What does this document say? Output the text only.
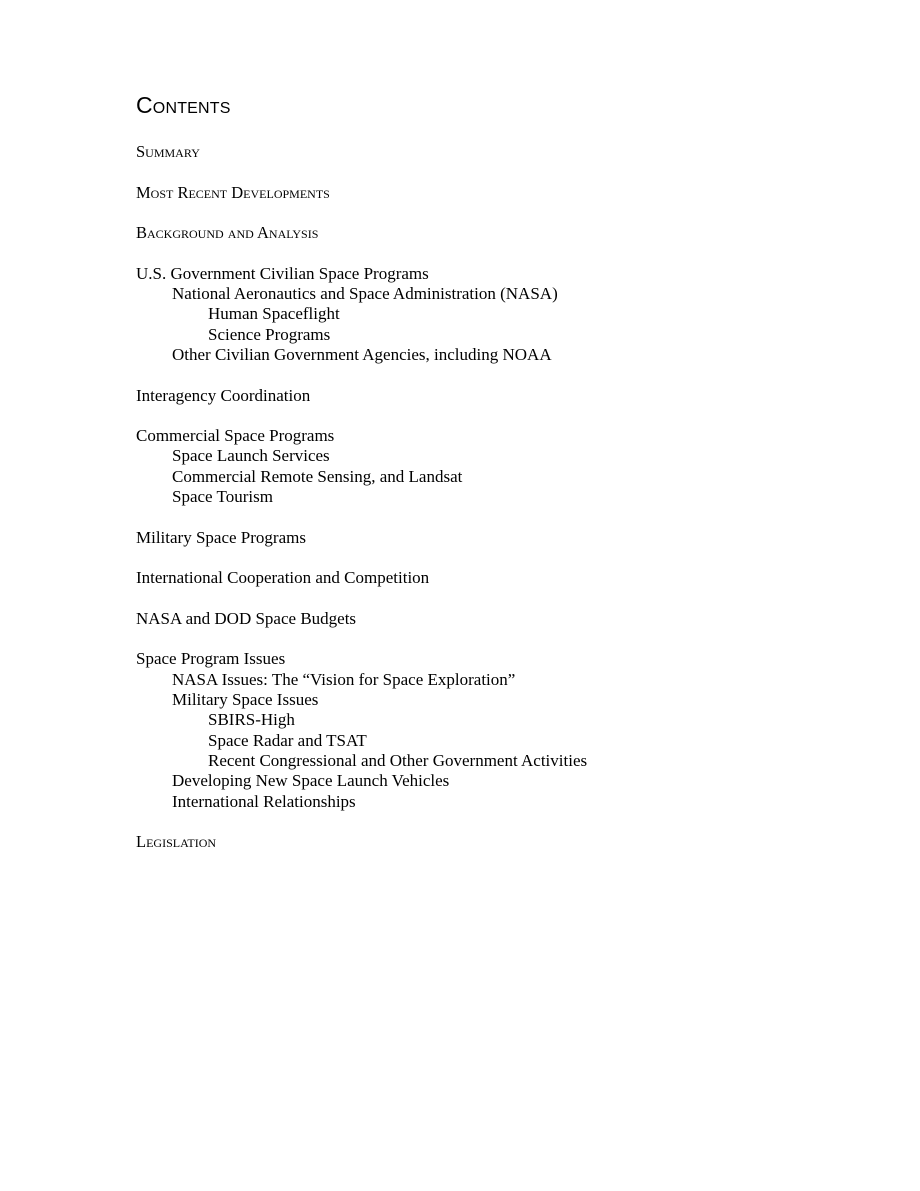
Contents
Summary
Most Recent Developments
Background and Analysis
U.S. Government Civilian Space Programs
National Aeronautics and Space Administration (NASA)
Human Spaceflight
Science Programs
Other Civilian Government Agencies, including NOAA
Interagency Coordination
Commercial Space Programs
Space Launch Services
Commercial Remote Sensing, and Landsat
Space Tourism
Military Space Programs
International Cooperation and Competition
NASA and DOD Space Budgets
Space Program Issues
NASA Issues: The “Vision for Space Exploration”
Military Space Issues
SBIRS-High
Space Radar and TSAT
Recent Congressional and Other Government Activities
Developing New Space Launch Vehicles
International Relationships
Legislation
